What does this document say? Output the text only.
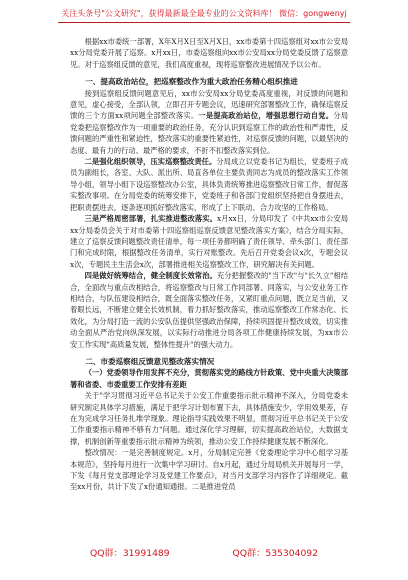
关注头条号"公文研究"，获得最新最全最专业的公文资料库！ 微信：gongwenyj

根据xx市委统一部署，X年X月X日至X月X日，xx市委第十四巡察组对xx市公安局xx分局党委开展了巡察。x月xx日，市委巡察组向xx市公安局xx分局党委反馈了巡察意见。对于巡察组反馈的意见，我们高度重视，现将巡察整改进展情况予以公布。

一、提高政治站位，把巡察整改作为重大政治任务精心组织推进

接到巡察组反馈问题意见后，xx市公安局xx分局党委高度重视，对反馈的问题和意见，虚心接受，全部认领，立即召开专题会议，迅速研究部署整改工作，确保巡察反馈的三个方面xx项问题全部整改落实。一是提高政治站位，增强思想行动自觉。分局党委把巡察整改作为一项重要的政治任务，充分认识到巡察工作的政治性和严肃性，反馈问题的严重性和紧迫性，整改落实的重要性紧迫性，对巡察反馈的问题，以最坚决的态度、最有力的行动、最严格的要求，不折不扣整改落实到位。

二是强化组织领导，压实巡察整改责任。分局成立以党委书记为组长，党委班子成员为副组长，各室、大队、派出所、局直各单位主要负责同志为成员的整改落实工作领导小组，领导小组下设巡察整改办公室，具体负责统筹推进巡察整改日常工作，督促落实整改事项。在分局党委的统筹安排下，党委班子和各部门党组织坚持把自身摆进去，把职责摆进去，逐条逐项抓好整改落实，形成了上下联动、合力攻坚的工作格局。

三是严格周密部署，扎实推进整改落实。x月xx日，分局印发了《中共xx市公安局xx分局委员会关于对市委第十四巡察组巡察反馈意见整改落实方案》，结合分局实际，建立了巡察反馈问题整改责任清单，每一项任务都明确了责任领导、牵头部门、责任部门和完成时限，根据整改任务清单，实行对账整改。先后召开党委会议x次，专题会议x次，专题民主生活会x次，部署推进相关巡察整改工作，研究解决有关问题。

四是做好统筹结合，健全制度长效常治。充分把握整改的"当下改"与"长久立"相结合，全面改与重点改相结合，将巡察整改与日常工作同部署、同落实，与公安业务工作相结合，与队伍建设相结合，既全面落实整改任务，又紧盯重点问题，既立足当前，又着眼长远，不断建立健全长效机制，着力抓好整改落实，推动巡察整改工作常态化、长效化，为分局打造一流的公安队伍提供坚强政治保障，持续巩固提升整改成效，切实推动全面从严治党向纵深发展，以实际行动推进分局各项工作健康持续发展，为xx市公安工作实现"高质量发展，整体性提升"的强大动力。

二、市委巡察组反馈意见整改落实情况

（一）党委领导作用发挥不充分，贯彻落实党的路线方针政策、党中央重大决策部署和省委、市委重要工作安排有差距

关于"学习贯彻习近平总书记关于公安工作重要指示批示精神不深入，分局党委未研究制定具体学习措施，满足于把学习计划布置下去，具体措施安少，学用效果差，存在为完成学习任务扎堆学现象。理论指导实践效果不明显，贯彻习近平总书记关于公安工作重要指示精神不够有力"问题。通过深化学习理解，切实提高政治站位，大数据支撑，机制创新等重要指示批示精神为统领，推动公安工作持续健康发展不断深化。

整改情况：一是完善制度规定。x月，分局制定完善《党委理论学习中心组学习基本规范》，坚持每月进行一次集中学习研讨。自x月起，通过分局局机关开展每月一学，下发《每月党支部理论学习及党建工作要点》，对当月支部学习内容作了详细规定。截至xx月份，共计下发了x份通知通报。二是推进党员

QQ群：31991489	QQ群：535304092
